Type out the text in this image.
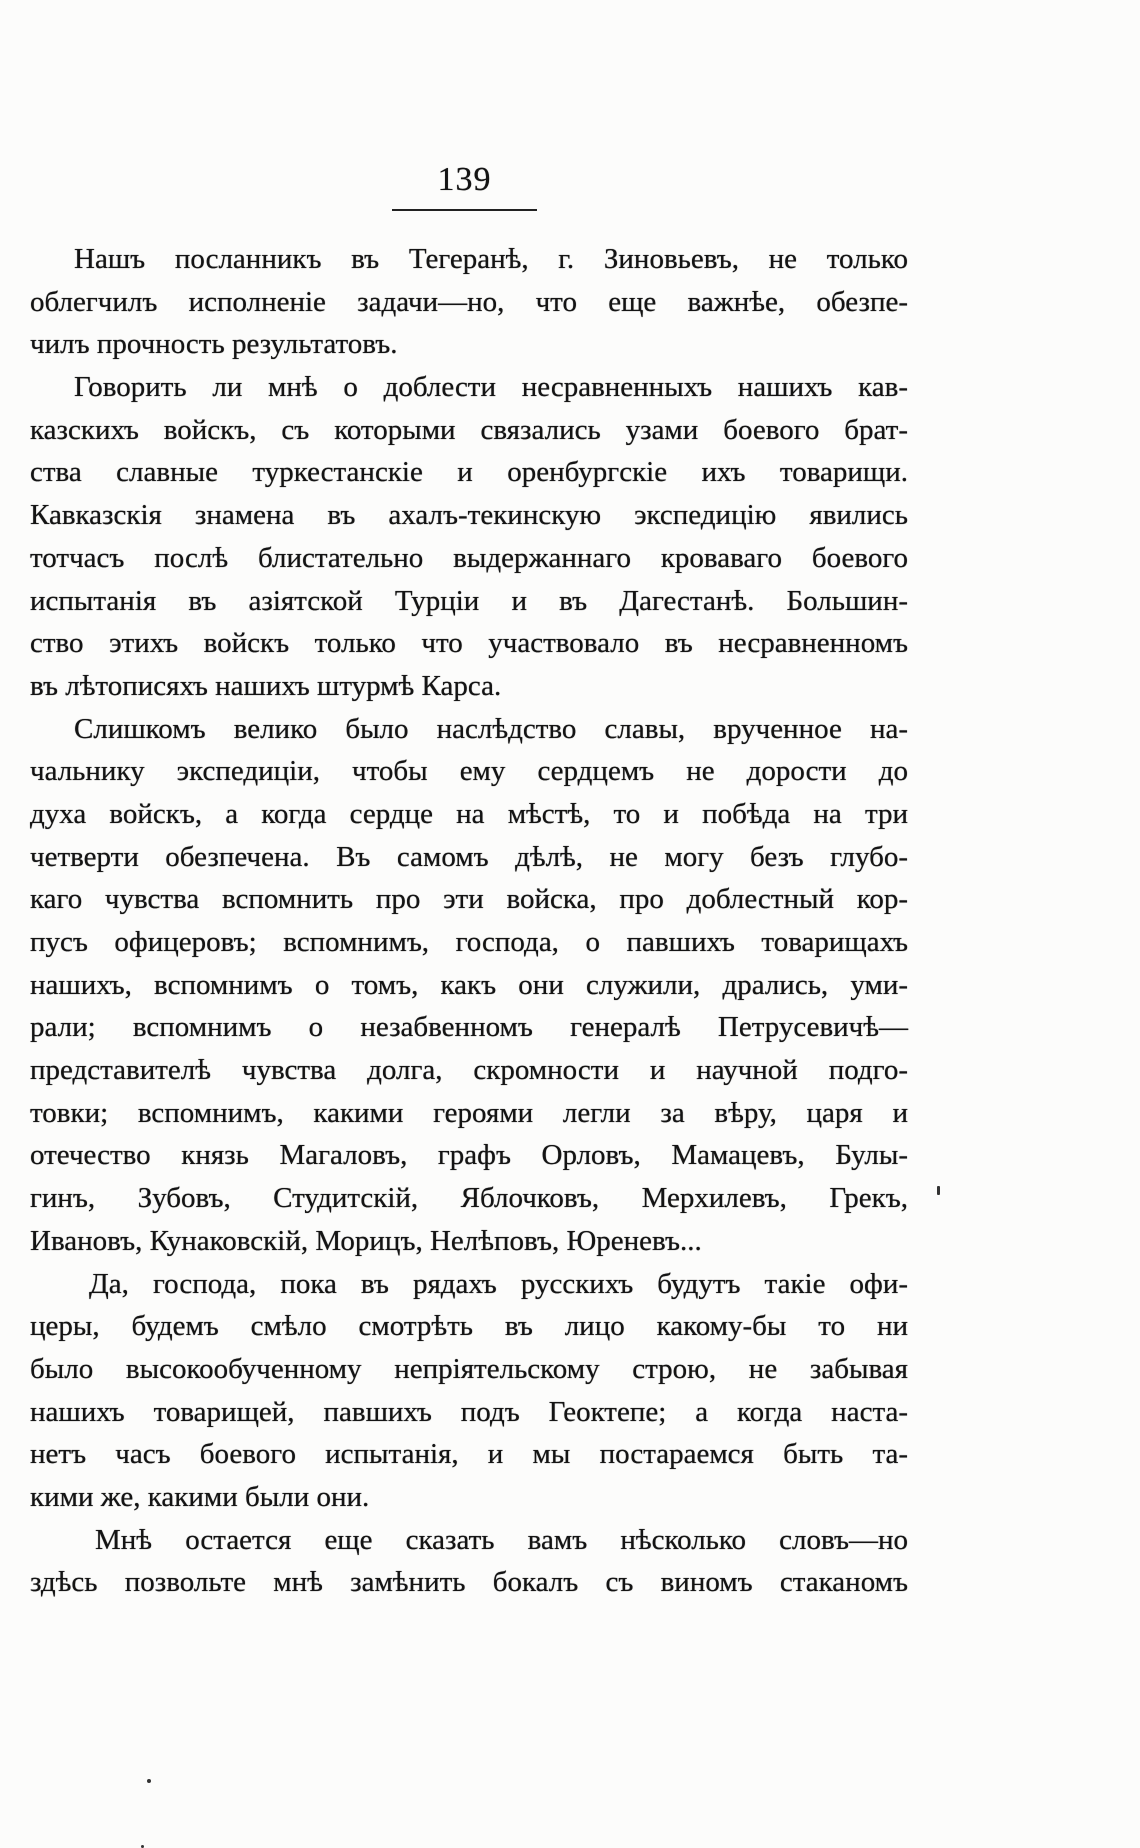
139
Нашъ посланникъ въ Тегеранѣ, г. Зиновьевъ, не только
облегчилъ исполненіе задачи—но, что еще важнѣе, обезпе-
чилъ прочность результатовъ.
Говорить ли мнѣ о доблести несравненныхъ нашихъ кав-
казскихъ войскъ, съ которыми связались узами боевого брат-
ства славные туркестанскіе и оренбургскіе ихъ товарищи.
Кавказскія знамена въ ахалъ-текинскую экспедицію явились
тотчасъ послѣ блистательно выдержаннаго кроваваго боевого
испытанія въ азіятской Турціи и въ Дагестанѣ. Большин-
ство этихъ войскъ только что участвовало въ несравненномъ
въ лѣтописяхъ нашихъ штурмѣ Карса.
Слишкомъ велико было наслѣдство славы, врученное на-
чальнику экспедиціи, чтобы ему сердцемъ не дорости до
духа войскъ, а когда сердце на мѣстѣ, то и побѣда на три
четверти обезпечена. Въ самомъ дѣлѣ, не могу безъ глубо-
каго чувства вспомнить про эти войска, про доблестный кор-
пусъ офицеровъ; вспомнимъ, господа, о павшихъ товарищахъ
нашихъ, вспомнимъ о томъ, какъ они служили, дрались, уми-
рали; вспомнимъ о незабвенномъ генералѣ Петрусевичѣ—
представителѣ чувства долга, скромности и научной подго-
товки; вспомнимъ, какими героями легли за вѣру, царя и
отечество князь Магаловъ, графъ Орловъ, Мамацевъ, Булы-
гинъ, Зубовъ, Студитскій, Яблочковъ, Мерхилевъ, Грекъ,
Ивановъ, Кунаковскій, Морицъ, Нелѣповъ, Юреневъ...
Да, господа, пока въ рядахъ русскихъ будутъ такіе офи-
церы, будемъ смѣло смотрѣть въ лицо какому-бы то ни
было высокообученному непріятельскому строю, не забывая
нашихъ товарищей, павшихъ подъ Геоктепе; а когда наста-
нетъ часъ боевого испытанія, и мы постараемся быть та-
кими же, какими были они.
Мнѣ остается еще сказать вамъ нѣсколько словъ—но
здѣсь позвольте мнѣ замѣнить бокалъ съ виномъ стаканомъ
